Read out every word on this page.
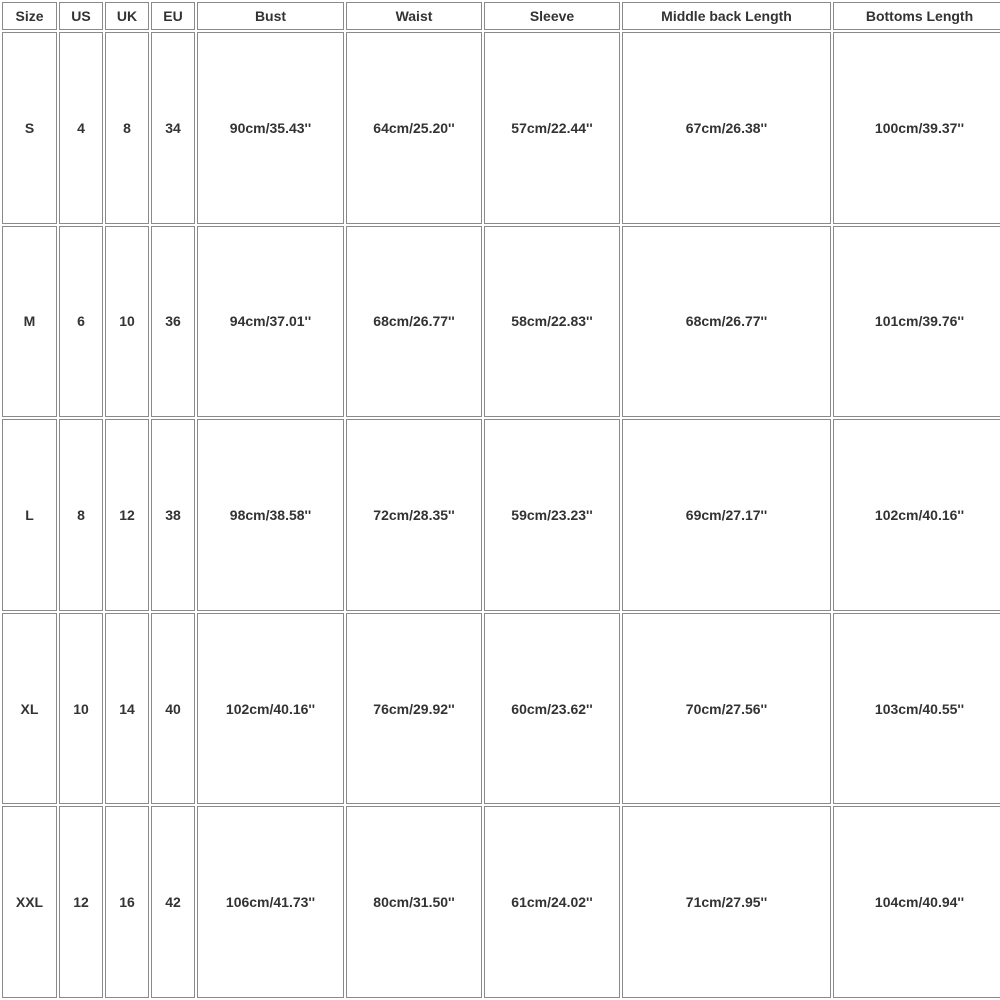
Size	US	UK	EU	Bust	Waist	Sleeve	Middle back Length	Bottoms Length
S	4	8	34	90cm/35.43''	64cm/25.20''	57cm/22.44''	67cm/26.38''	100cm/39.37''
M	6	10	36	94cm/37.01''	68cm/26.77''	58cm/22.83''	68cm/26.77''	101cm/39.76''
L	8	12	38	98cm/38.58''	72cm/28.35''	59cm/23.23''	69cm/27.17''	102cm/40.16''
XL	10	14	40	102cm/40.16''	76cm/29.92''	60cm/23.62''	70cm/27.56''	103cm/40.55''
XXL	12	16	42	106cm/41.73''	80cm/31.50''	61cm/24.02''	71cm/27.95''	104cm/40.94''
